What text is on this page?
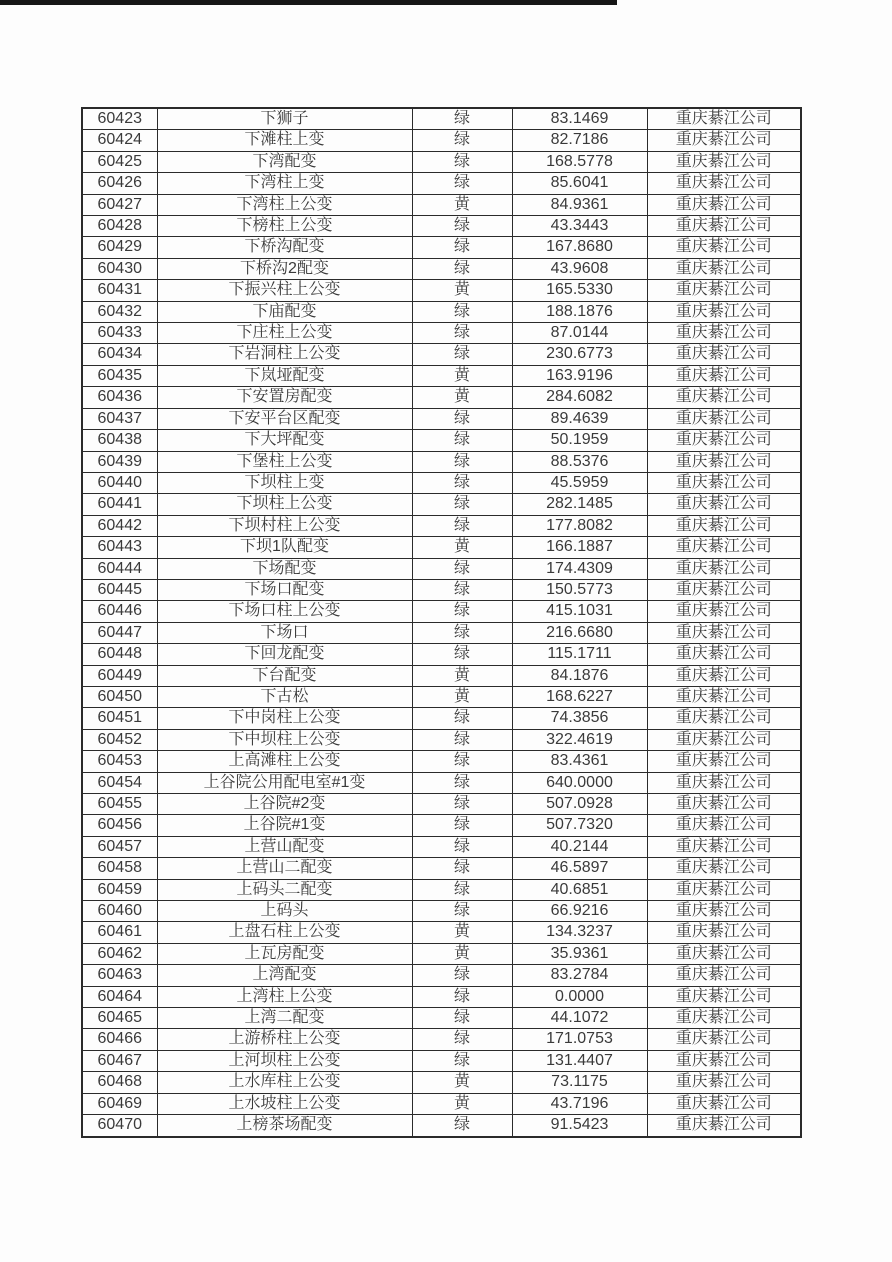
60423	下狮子	绿	83.1469	重庆綦江公司
60424	下滩柱上变	绿	82.7186	重庆綦江公司
60425	下湾配变	绿	168.5778	重庆綦江公司
60426	下湾柱上变	绿	85.6041	重庆綦江公司
60427	下湾柱上公变	黄	84.9361	重庆綦江公司
60428	下榜柱上公变	绿	43.3443	重庆綦江公司
60429	下桥沟配变	绿	167.8680	重庆綦江公司
60430	下桥沟2配变	绿	43.9608	重庆綦江公司
60431	下振兴柱上公变	黄	165.5330	重庆綦江公司
60432	下庙配变	绿	188.1876	重庆綦江公司
60433	下庄柱上公变	绿	87.0144	重庆綦江公司
60434	下岩洞柱上公变	绿	230.6773	重庆綦江公司
60435	下岚垭配变	黄	163.9196	重庆綦江公司
60436	下安置房配变	黄	284.6082	重庆綦江公司
60437	下安平台区配变	绿	89.4639	重庆綦江公司
60438	下大坪配变	绿	50.1959	重庆綦江公司
60439	下堡柱上公变	绿	88.5376	重庆綦江公司
60440	下坝柱上变	绿	45.5959	重庆綦江公司
60441	下坝柱上公变	绿	282.1485	重庆綦江公司
60442	下坝村柱上公变	绿	177.8082	重庆綦江公司
60443	下坝1队配变	黄	166.1887	重庆綦江公司
60444	下场配变	绿	174.4309	重庆綦江公司
60445	下场口配变	绿	150.5773	重庆綦江公司
60446	下场口柱上公变	绿	415.1031	重庆綦江公司
60447	下场口	绿	216.6680	重庆綦江公司
60448	下回龙配变	绿	115.1711	重庆綦江公司
60449	下台配变	黄	84.1876	重庆綦江公司
60450	下古松	黄	168.6227	重庆綦江公司
60451	下中岗柱上公变	绿	74.3856	重庆綦江公司
60452	下中坝柱上公变	绿	322.4619	重庆綦江公司
60453	上高滩柱上公变	绿	83.4361	重庆綦江公司
60454	上谷院公用配电室#1变	绿	640.0000	重庆綦江公司
60455	上谷院#2变	绿	507.0928	重庆綦江公司
60456	上谷院#1变	绿	507.7320	重庆綦江公司
60457	上营山配变	绿	40.2144	重庆綦江公司
60458	上营山二配变	绿	46.5897	重庆綦江公司
60459	上码头二配变	绿	40.6851	重庆綦江公司
60460	上码头	绿	66.9216	重庆綦江公司
60461	上盘石柱上公变	黄	134.3237	重庆綦江公司
60462	上瓦房配变	黄	35.9361	重庆綦江公司
60463	上湾配变	绿	83.2784	重庆綦江公司
60464	上湾柱上公变	绿	0.0000	重庆綦江公司
60465	上湾二配变	绿	44.1072	重庆綦江公司
60466	上游桥柱上公变	绿	171.0753	重庆綦江公司
60467	上河坝柱上公变	绿	131.4407	重庆綦江公司
60468	上水库柱上公变	黄	73.1175	重庆綦江公司
60469	上水坡柱上公变	黄	43.7196	重庆綦江公司
60470	上榜茶场配变	绿	91.5423	重庆綦江公司
